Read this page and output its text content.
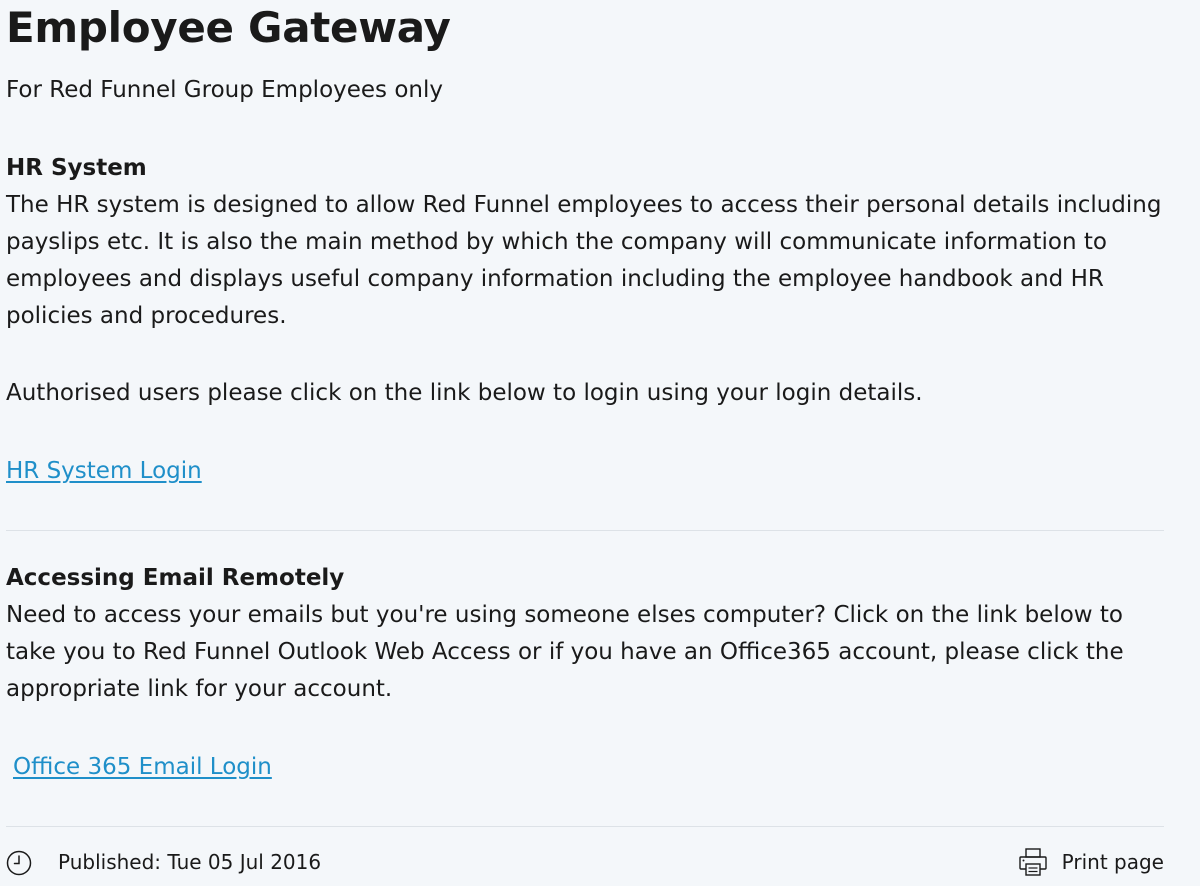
Employee Gateway
For Red Funnel Group Employees only
HR System
The HR system is designed to allow Red Funnel employees to access their personal details including payslips etc. It is also the main method by which the company will communicate information to employees and displays useful company information including the employee handbook and HR policies and procedures.
Authorised users please click on the link below to login using your login details.
HR System Login
Accessing Email Remotely
Need to access your emails but you're using someone elses computer? Click on the link below to take you to Red Funnel Outlook Web Access or if you have an Office365 account, please click the appropriate link for your account.
Office 365 Email Login
Published: Tue 05 Jul 2016	Print page
